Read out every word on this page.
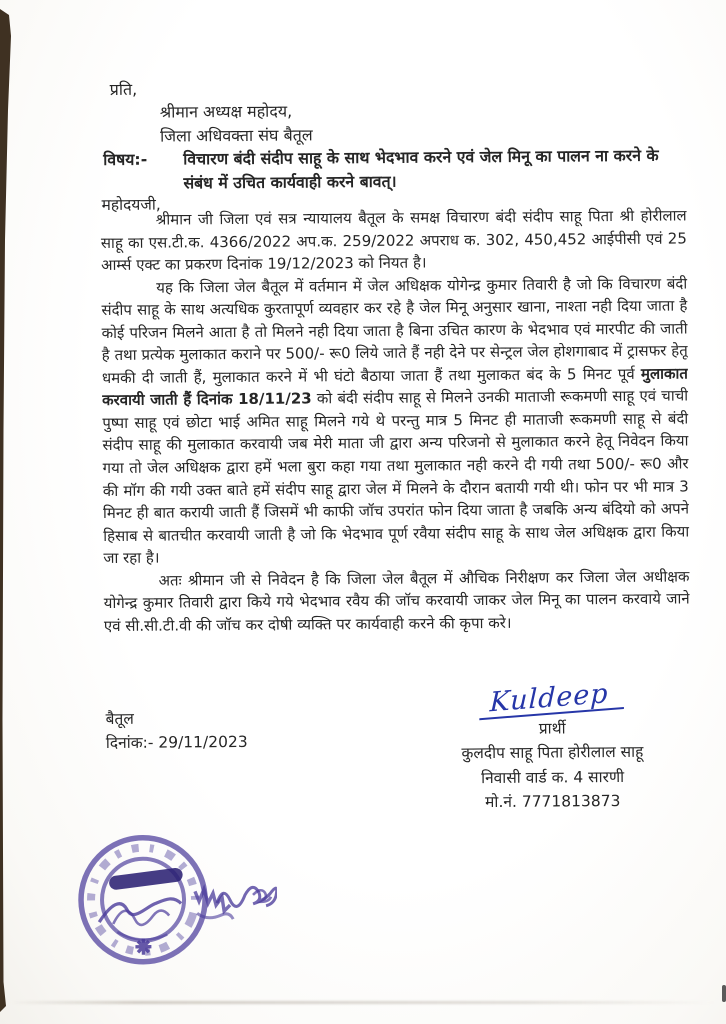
प्रति,
श्रीमान अध्यक्ष महोदय,
जिला अधिवक्ता संघ बैतूल
विषय:-	विचारण बंदी संदीप साहू के साथ भेदभाव करने एवं जेल मिनू का पालन ना करने के संबंध में उचित कार्यवाही करने बावत्।
महोदयजी,

श्रीमान जी जिला एवं सत्र न्यायालय बैतूल के समक्ष विचारण बंदी संदीप साहू पिता श्री होरीलाल साहू का एस.टी.क. 4366/2022 अप.क. 259/2022 अपराध क. 302, 450,452 आईपीसी एवं 25 आर्म्स एक्ट का प्रकरण दिनांक 19/12/2023 को नियत है।

यह कि जिला जेल बैतूल में वर्तमान में जेल अधिक्षक योगेन्द्र कुमार तिवारी है जो कि विचारण बंदी संदीप साहू के साथ अत्यधिक कुरतापूर्ण व्यवहार कर रहे है जेल मिनू अनुसार खाना, नाश्ता नही दिया जाता है कोई परिजन मिलने आता है तो मिलने नही दिया जाता है बिना उचित कारण के भेदभाव एवं मारपीट की जाती है तथा प्रत्येक मुलाकात कराने पर 500/- रू0 लिये जाते हैं नही देने पर सेन्ट्रल जेल होशगाबाद में ट्रासफर हेतू धमकी दी जाती हैं, मुलाकात करने में भी घंटो बैठाया जाता हैं तथा मुलाकत बंद के 5 मिनट पूर्व मुलाकात करवायी जाती हैं दिनांक 18/11/23 को बंदी संदीप साहू से मिलने उनकी माताजी रूकमणी साहू एवं चाची पुष्पा साहू एवं छोटा भाई अमित साहू मिलने गये थे परन्तु मात्र 5 मिनट ही माताजी रूकमणी साहू से बंदी संदीप साहू की मुलाकात करवायी जब मेरी माता जी द्वारा अन्य परिजनो से मुलाकात करने हेतू निवेदन किया गया तो जेल अधिक्षक द्वारा हमें भला बुरा कहा गया तथा मुलाकात नही करने दी गयी तथा 500/- रू0 और की मॉग की गयी उक्त बाते हमें संदीप साहू द्वारा जेल में मिलने के दौरान बतायी गयी थी। फोन पर भी मात्र 3 मिनट ही बात करायी जाती हैं जिसमें भी काफी जॉच उपरांत फोन दिया जाता है जबकि अन्य बंदियो को अपने हिसाब से बातचीत करवायी जाती है जो कि भेदभाव पूर्ण रवैया संदीप साहू के साथ जेल अधिक्षक द्वारा किया जा रहा है।

अतः श्रीमान जी से निवेदन है कि जिला जेल बैतूल में औचिक निरीक्षण कर जिला जेल अधीक्षक योगेन्द्र कुमार तिवारी द्वारा किये गये भेदभाव रवैय की जॉच करवायी जाकर जेल मिनू का पालन करवाये जाने एवं सी.सी.टी.वी की जॉच कर दोषी व्यक्ति पर कार्यवाही करने की कृपा करे।

बैतूल
दिनांक:- 29/11/2023
Kuldeep
प्रार्थी
कुलदीप साहू पिता होरीलाल साहू
निवासी वार्ड क. 4 सारणी
मो.नं. 7771813873
